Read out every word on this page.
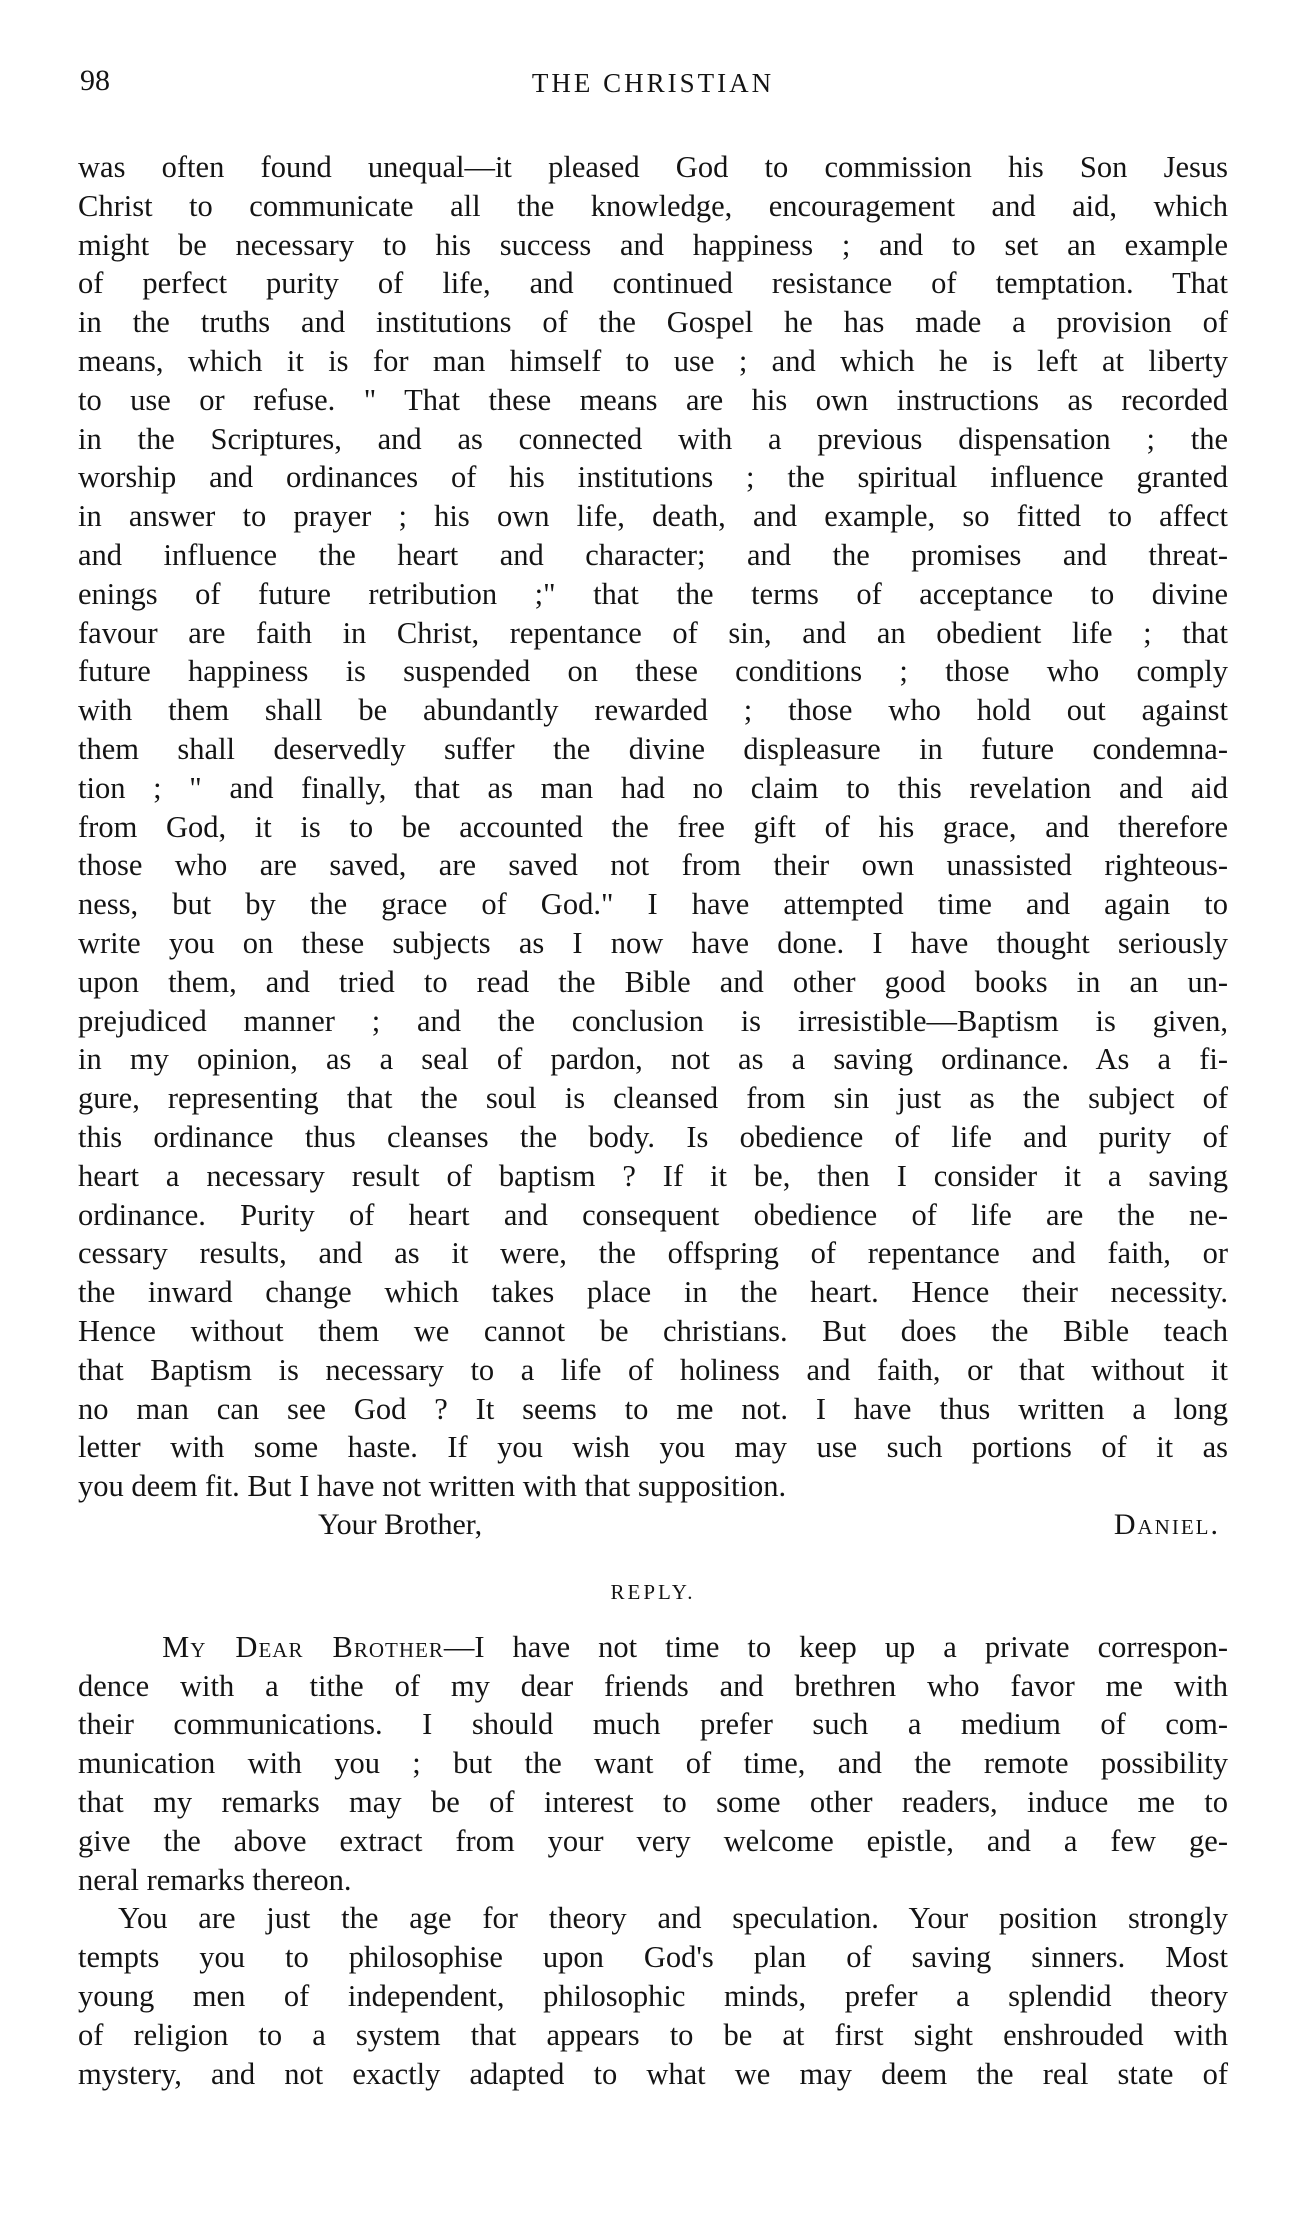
98	THE CHRISTIAN
was often found unequal—it pleased God to commission his Son Jesus
Christ to communicate all the knowledge, encouragement and aid, which
might be necessary to his success and happiness ; and to set an example
of perfect purity of life, and continued resistance of temptation. That
in the truths and institutions of the Gospel he has made a provision of
means, which it is for man himself to use ; and which he is left at liberty
to use or refuse. " That these means are his own instructions as recorded
in the Scriptures, and as connected with a previous dispensation ; the
worship and ordinances of his institutions ; the spiritual influence granted
in answer to prayer ; his own life, death, and example, so fitted to affect
and influence the heart and character; and the promises and threat-
enings of future retribution ;" that the terms of acceptance to divine
favour are faith in Christ, repentance of sin, and an obedient life ; that
future happiness is suspended on these conditions ; those who comply
with them shall be abundantly rewarded ; those who hold out against
them shall deservedly suffer the divine displeasure in future condemna-
tion ; " and finally, that as man had no claim to this revelation and aid
from God, it is to be accounted the free gift of his grace, and therefore
those who are saved, are saved not from their own unassisted righteous-
ness, but by the grace of God." I have attempted time and again to
write you on these subjects as I now have done. I have thought seriously
upon them, and tried to read the Bible and other good books in an un-
prejudiced manner ; and the conclusion is irresistible—Baptism is given,
in my opinion, as a seal of pardon, not as a saving ordinance. As a fi-
gure, representing that the soul is cleansed from sin just as the subject of
this ordinance thus cleanses the body. Is obedience of life and purity of
heart a necessary result of baptism ? If it be, then I consider it a saving
ordinance. Purity of heart and consequent obedience of life are the ne-
cessary results, and as it were, the offspring of repentance and faith, or
the inward change which takes place in the heart. Hence their necessity.
Hence without them we cannot be christians. But does the Bible teach
that Baptism is necessary to a life of holiness and faith, or that without it
no man can see God ? It seems to me not. I have thus written a long
letter with some haste. If you wish you may use such portions of it as
you deem fit. But I have not written with that supposition.
Your Brother,	Daniel.
REPLY.
My Dear Brother—I have not time to keep up a private correspon-
dence with a tithe of my dear friends and brethren who favor me with
their communications. I should much prefer such a medium of com-
munication with you ; but the want of time, and the remote possibility
that my remarks may be of interest to some other readers, induce me to
give the above extract from your very welcome epistle, and a few ge-
neral remarks thereon.
You are just the age for theory and speculation. Your position strongly
tempts you to philosophise upon God's plan of saving sinners. Most
young men of independent, philosophic minds, prefer a splendid theory
of religion to a system that appears to be at first sight enshrouded with
mystery, and not exactly adapted to what we may deem the real state of
